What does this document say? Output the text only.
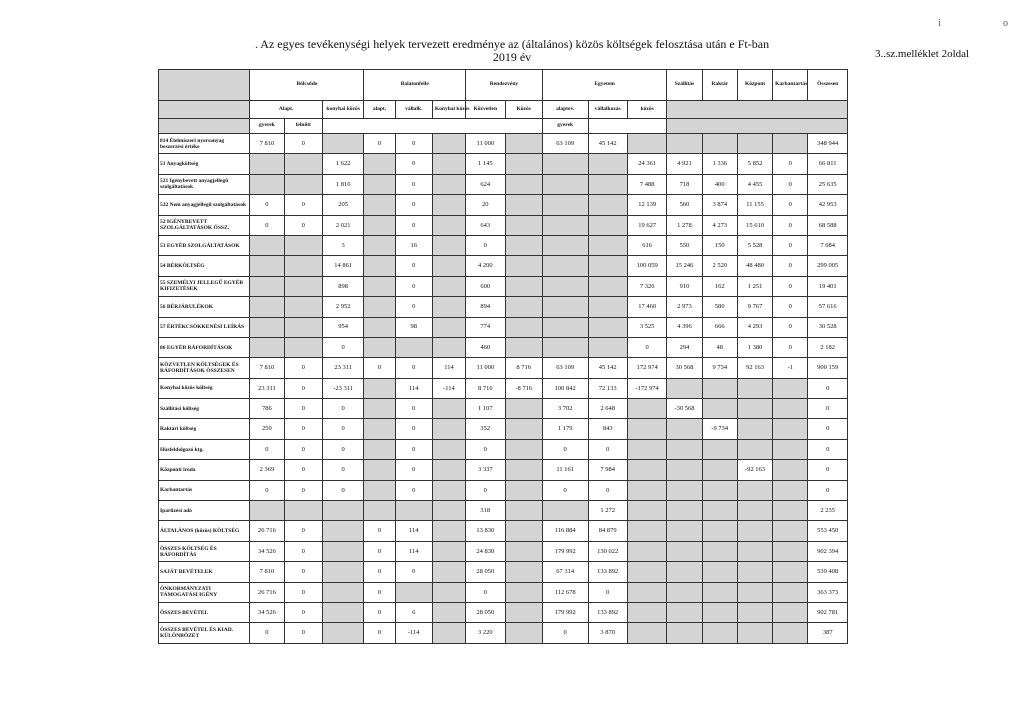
. Az egyes tevékenységi helyek tervezett eredménye az (általános) közös költségek felosztása után e Ft-ban
2019 év	3..sz.melléklet 2oldal
i	o
	Bölcsőde			Balatonfelle			Rendezvény		Egyetem			Szállítás	Raktár	Központ	Karbantartás	Összesen
	Alapt.		konyhai közös	alapt.	vállalk.	Konyhai közös	Közvetlen	Közös	alaptev.	vállalkozás	közös					
	gyerek	felnőtt							gyerek							
814 Élelmiszeri nyersanyag beszerzési értéke	7 810	0		0	0		11 000		63 109	45 142						348 944
51 Anyagköltség			1 622		0		1 145				24 361	4 921	1 336	5 852	0	66 811
521 Igénybevett anyagjellegű szolgáltatások			1 816		0		624				7 488	718	400	4 455	0	25 635
522 Nem anyagjellegű szolgáltatások	0	0	205		0		20				12 139	560	3 874	11 155	0	42 953
52 IGÉNYBEVETT SZOLGÁLTATÁSOK ÖSSZ.	0	0	2 021		0		643				19 627	1 278	4 273	15 610	0	68 588
53 EGYÉB SZOLGÁLTATÁSOK			3		16		0				616	550	150	5 528	0	7 084
54 BÉRKÖLTSÉG			14 861		0		4 200				100 059	15 246	2 520	48 480	0	299 005
55 SZEMÉLYI JELLEGŰ EGYÉB KIFIZETÉSEK			898		0		600				7 326	910	162	1 251	0	19 401
56 BÉRJÁRULÉKOK			2 952		0		894				17 460	2 973	580	9 767	0	57 616
57 ÉRTÉKCSÖKKENÉSI LEÍRÁS			954		98		774				3 525	4 396	666	4 293	0	30 528
86 EGYÉB RÁFORDÍTÁSOK			0				460				0	294	48	1 380	0	2 182
KÖZVETLEN KÖLTSÉGEK ÉS RÁFORDÍTÁSOK ÖSSZESEN	7 810	0	23 311	0	0	114	11 000	8 716	63 109	45 142	172 974	30 568	9 734	92 163	-1	900 159
Konyhai közös költség	23 311	0	-23 311		114	-114	8 716	-8 716	100 842	72 133	-172 974					0
Szállítási költség	786	0	0		0		1 107		3 702	2 648		-30 568				0
Raktári költség	250	0	0		0		352		1 179	843			-9 734			0
Húsfeldolgozó ktg.	0	0	0		0		0		0	0						0
Központi iroda	2 369	0	0		0		3 337		11 161	7 984				-92 163		0
Karbantartás	0	0	0		0		0		0	0						0
Iparűzési adó							318			1 272						2 235
ÁLTALÁNOS (közös) KÖLTSÉG	26 716	0		0	114		13 830		116 884	84 879						553 450
ÖSSZES KÖLTSÉG ÉS RÁFORDÍTÁS	34 526	0		0	114		24 830		179 992	130 022						902 394
SAJÁT BEVÉTELEK	7 810	0		0	0		28 050		67 314	133 892						539 408
ÖNKORMÁNYZATI TÁMOGATÁSI IGÉNY	26 716	0		0			0		112 678	0						363 373
ÖSSZES BEVÉTEL	34 526	0		0	6		28 050		179 992	133 892						902 781
ÖSSZES BEVÉTEL ÉS KIAD. KÜLÖNBÖZET	0	0		0	-114		3 220		0	3 870						387
